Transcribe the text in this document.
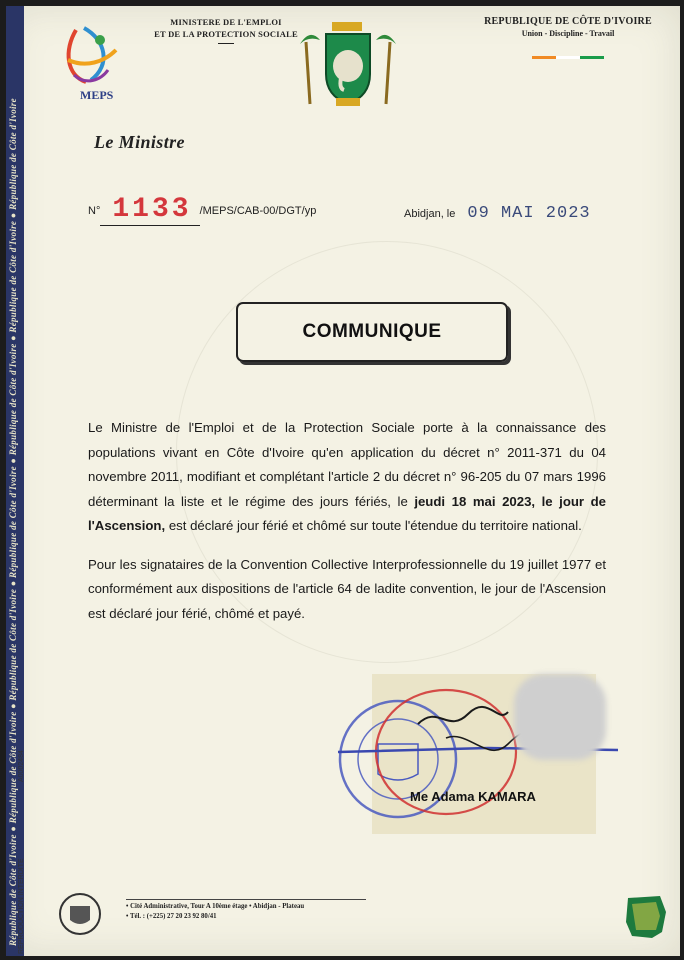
République de Côte d'Ivoire ● République de Côte d'Ivoire ● République de Côte d'Ivoire ● République de Côte d'Ivoire ● République de Côte d'Ivoire ● République de Côte d'Ivoire ● République de Côte d'Ivoire A0002484
REPRODUCTION INTERDITE
MEPS
MINISTERE DE L'EMPLOI
ET DE LA PROTECTION SOCIALE
REPUBLIQUE DE CÔTE D'IVOIRE
Union - Discipline - Travail
Le Ministre
N° 1133 /MEPS/CAB-00/DGT/yp	Abidjan, le 09 MAI 2023
COMMUNIQUE

Le Ministre de l'Emploi et de la Protection Sociale porte à la connaissance des populations vivant en Côte d'Ivoire qu'en application du décret n° 2011-371 du 04 novembre 2011, modifiant et complétant l'article 2 du décret n° 96-205 du 07 mars 1996 déterminant la liste et le régime des jours fériés, le jeudi 18 mai 2023, le jour de l'Ascension, est déclaré jour férié et chômé sur toute l'étendue du territoire national.

Pour les signataires de la Convention Collective Interprofessionnelle du 19 juillet 1977 et conformément aux dispositions de l'article 64 de ladite convention, le jour de l'Ascension est déclaré jour férié, chômé et payé.

Me Adama KAMARA
• Cité Administrative, Tour A 10ème étage • Abidjan - Plateau
• Tél. : (+225) 27 20 23 92 80/41
